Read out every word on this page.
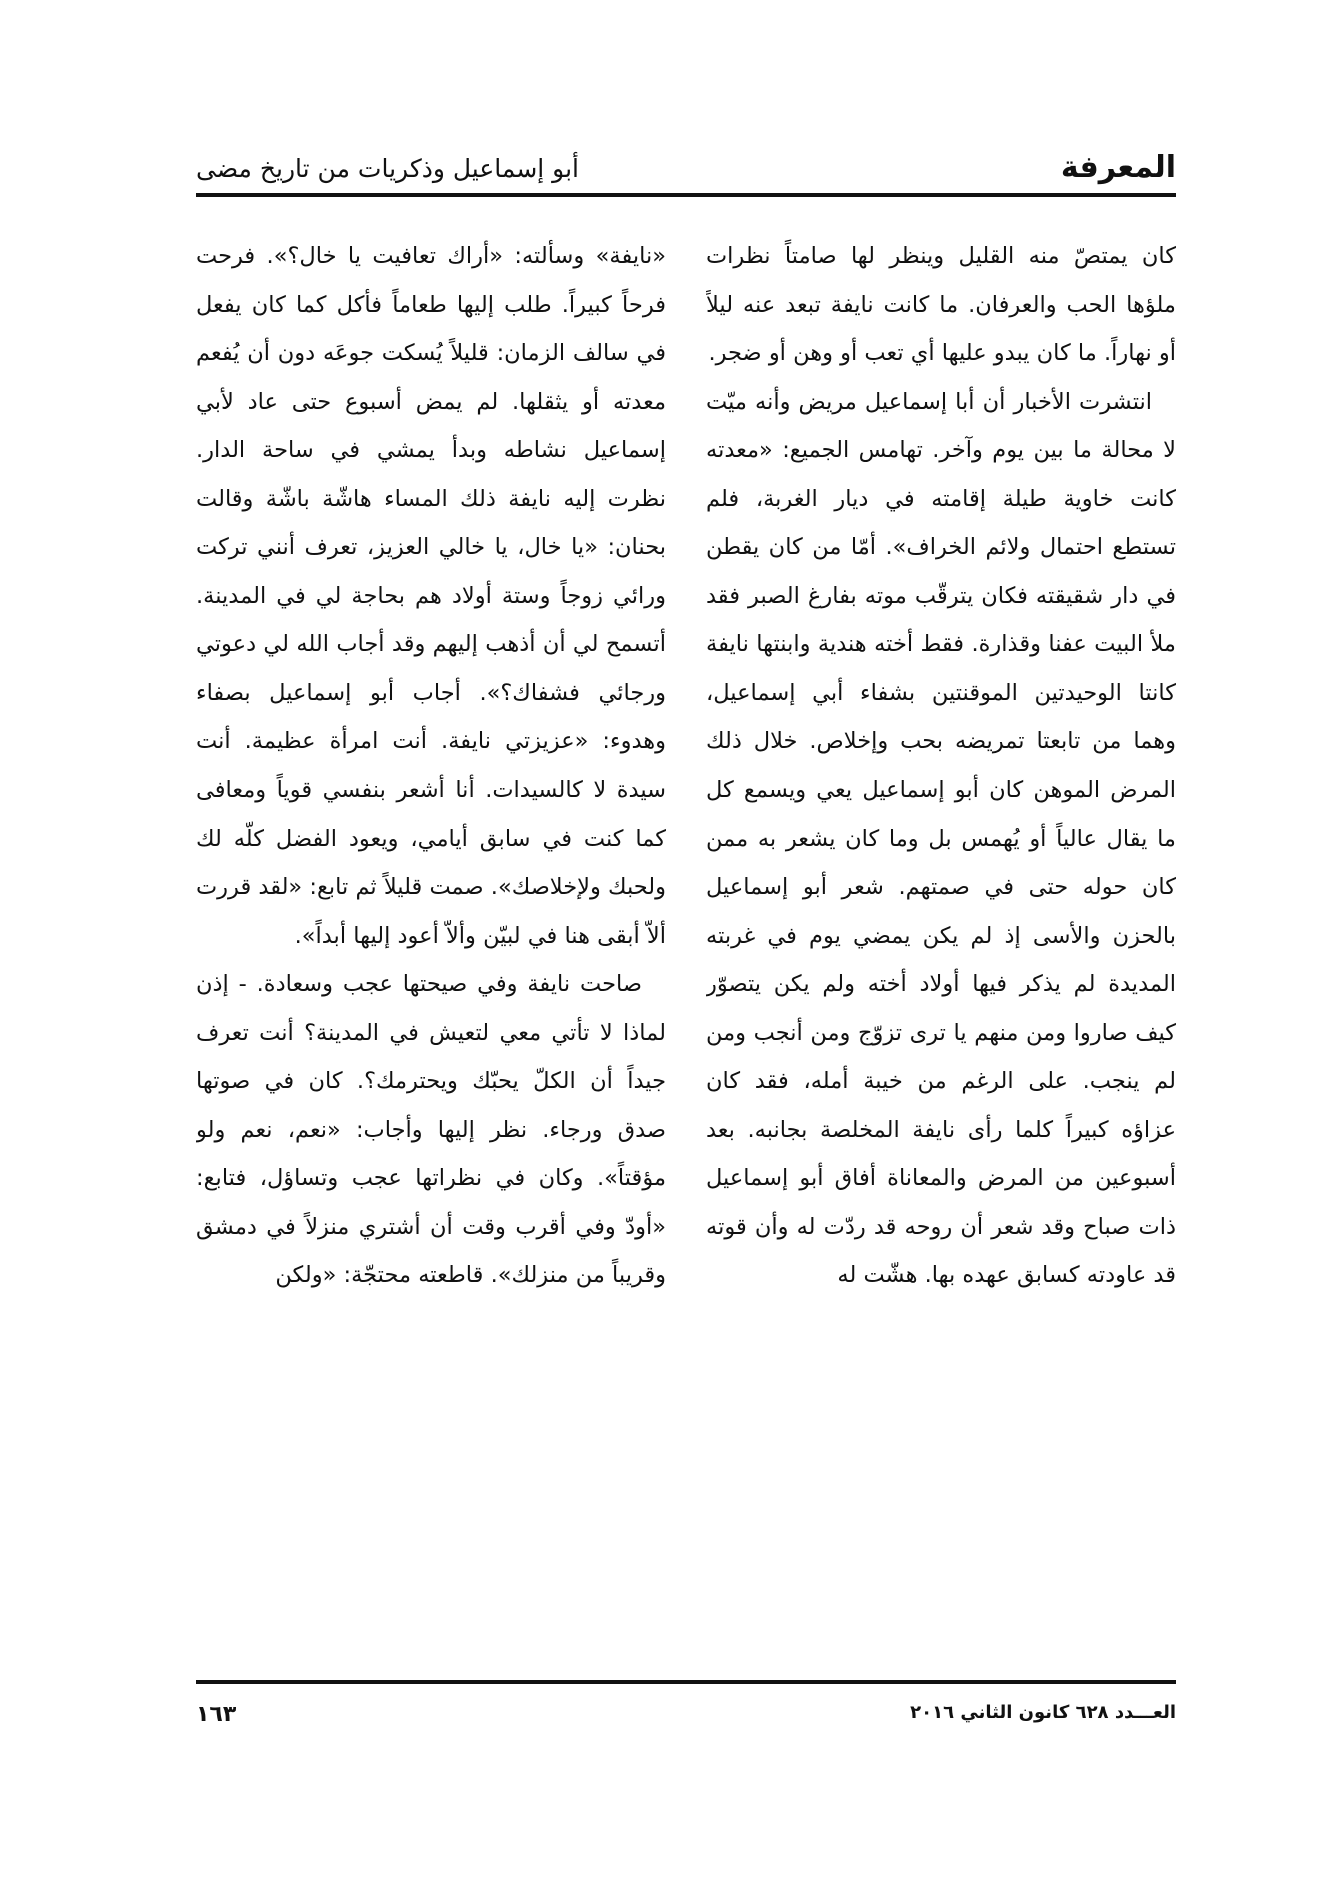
المعرفة
أبو إسماعيل وذكريات من تاريخ مضى

كان يمتصّ منه القليل وينظر لها صامتاً نظرات ملؤها الحب والعرفان. ما كانت نايفة تبعد عنه ليلاً أو نهاراً. ما كان يبدو عليها أي تعب أو وهن أو ضجر.

انتشرت الأخبار أن أبا إسماعيل مريض وأنه ميّت لا محالة ما بين يوم وآخر. تهامس الجميع: «معدته كانت خاوية طيلة إقامته في ديار الغربة، فلم تستطع احتمال ولائم الخراف». أمّا من كان يقطن في دار شقيقته فكان يترقّب موته بفارغ الصبر فقد ملأ البيت عفنا وقذارة. فقط أخته هندية وابنتها نايفة كانتا الوحيدتين الموقنتين بشفاء أبي إسماعيل، وهما من تابعتا تمريضه بحب وإخلاص. خلال ذلك المرض الموهن كان أبو إسماعيل يعي ويسمع كل ما يقال عالياً أو يُهمس بل وما كان يشعر به ممن كان حوله حتى في صمتهم. شعر أبو إسماعيل بالحزن والأسى إذ لم يكن يمضي يوم في غربته المديدة لم يذكر فيها أولاد أخته ولم يكن يتصوّر كيف صاروا ومن منهم يا ترى تزوّج ومن أنجب ومن لم ينجب. على الرغم من خيبة أمله، فقد كان عزاؤه كبيراً كلما رأى نايفة المخلصة بجانبه. بعد أسبوعين من المرض والمعاناة أفاق أبو إسماعيل ذات صباح وقد شعر أن روحه قد ردّت له وأن قوته قد عاودته كسابق عهده بها. هشّت له

«نايفة» وسألته: «أراك تعافيت يا خال؟». فرحت فرحاً كبيراً. طلب إليها طعاماً فأكل كما كان يفعل في سالف الزمان: قليلاً يُسكت جوعَه دون أن يُفعم معدته أو يثقلها. لم يمض أسبوع حتى عاد لأبي إسماعيل نشاطه وبدأ يمشي في ساحة الدار. نظرت إليه نايفة ذلك المساء هاشّة باشّة وقالت بحنان: «يا خال، يا خالي العزيز، تعرف أنني تركت ورائي زوجاً وستة أولاد هم بحاجة لي في المدينة. أتسمح لي أن أذهب إليهم وقد أجاب الله لي دعوتي ورجائي فشفاك؟». أجاب أبو إسماعيل بصفاء وهدوء: «عزيزتي نايفة. أنت امرأة عظيمة. أنت سيدة لا كالسيدات. أنا أشعر بنفسي قوياً ومعافى كما كنت في سابق أيامي، ويعود الفضل كلّه لك ولحبك ولإخلاصك». صمت قليلاً ثم تابع: «لقد قررت ألاّ أبقى هنا في لبيّن وألاّ أعود إليها أبداً».

صاحت نايفة وفي صيحتها عجب وسعادة. - إذن لماذا لا تأتي معي لتعيش في المدينة؟ أنت تعرف جيداً أن الكلّ يحبّك ويحترمك؟. كان في صوتها صدق ورجاء. نظر إليها وأجاب: «نعم، نعم ولو مؤقتاً». وكان في نظراتها عجب وتساؤل، فتابع: «أودّ وفي أقرب وقت أن أشتري منزلاً في دمشق وقريباً من منزلك». قاطعته محتجّة: «ولكن

العـــدد ٦٢٨ كانون الثاني ٢٠١٦
١٦٣
